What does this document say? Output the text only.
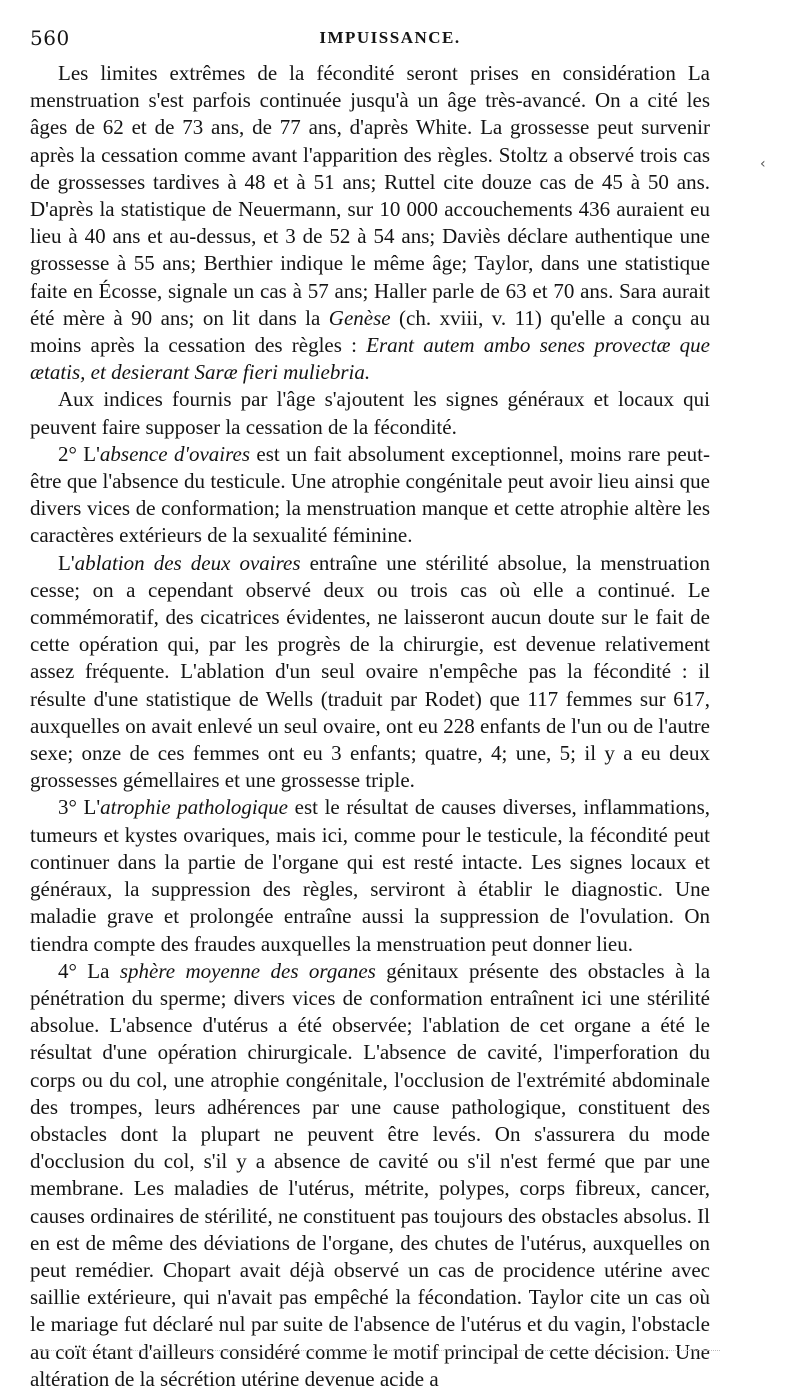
560	IMPUISSANCE.
‹

Les limites extrêmes de la fécondité seront prises en considération La menstruation s'est parfois continuée jusqu'à un âge très-avancé. On a cité les âges de 62 et de 73 ans, de 77 ans, d'après White. La grossesse peut survenir après la cessation comme avant l'apparition des règles. Stoltz a observé trois cas de grossesses tardives à 48 et à 51 ans; Ruttel cite douze cas de 45 à 50 ans. D'après la statistique de Neuermann, sur 10 000 accouchements 436 auraient eu lieu à 40 ans et au-dessus, et 3 de 52 à 54 ans; Daviès déclare authentique une grossesse à 55 ans; Berthier indique le même âge; Taylor, dans une statistique faite en Écosse, signale un cas à 57 ans; Haller parle de 63 et 70 ans. Sara aurait été mère à 90 ans; on lit dans la Genèse (ch. xviii, v. 11) qu'elle a conçu au moins après la cessation des règles : Erant autem ambo senes provectæ que ætatis, et desierant Saræ fieri muliebria.

Aux indices fournis par l'âge s'ajoutent les signes généraux et locaux qui peuvent faire supposer la cessation de la fécondité.

2° L'absence d'ovaires est un fait absolument exceptionnel, moins rare peut-être que l'absence du testicule. Une atrophie congénitale peut avoir lieu ainsi que divers vices de conformation; la menstruation manque et cette atrophie altère les caractères extérieurs de la sexualité féminine.

L'ablation des deux ovaires entraîne une stérilité absolue, la menstruation cesse; on a cependant observé deux ou trois cas où elle a continué. Le commémoratif, des cicatrices évidentes, ne laisseront aucun doute sur le fait de cette opération qui, par les progrès de la chirurgie, est devenue relativement assez fréquente. L'ablation d'un seul ovaire n'empêche pas la fécondité : il résulte d'une statistique de Wells (traduit par Rodet) que 117 femmes sur 617, auxquelles on avait enlevé un seul ovaire, ont eu 228 enfants de l'un ou de l'autre sexe; onze de ces femmes ont eu 3 enfants; quatre, 4; une, 5; il y a eu deux grossesses gémellaires et une grossesse triple.

3° L'atrophie pathologique est le résultat de causes diverses, inflammations, tumeurs et kystes ovariques, mais ici, comme pour le testicule, la fécondité peut continuer dans la partie de l'organe qui est resté intacte. Les signes locaux et généraux, la suppression des règles, serviront à établir le diagnostic. Une maladie grave et prolongée entraîne aussi la suppression de l'ovulation. On tiendra compte des fraudes auxquelles la menstruation peut donner lieu.

4° La sphère moyenne des organes génitaux présente des obstacles à la pénétration du sperme; divers vices de conformation entraînent ici une stérilité absolue. L'absence d'utérus a été observée; l'ablation de cet organe a été le résultat d'une opération chirurgicale. L'absence de cavité, l'imperforation du corps ou du col, une atrophie congénitale, l'occlusion de l'extrémité abdominale des trompes, leurs adhérences par une cause pathologique, constituent des obstacles dont la plupart ne peuvent être levés. On s'assurera du mode d'occlusion du col, s'il y a absence de cavité ou s'il n'est fermé que par une membrane. Les maladies de l'utérus, métrite, polypes, corps fibreux, cancer, causes ordinaires de stérilité, ne constituent pas toujours des obstacles absolus. Il en est de même des déviations de l'organe, des chutes de l'utérus, auxquelles on peut remédier. Chopart avait déjà observé un cas de procidence utérine avec saillie extérieure, qui n'avait pas empêché la fécondation. Taylor cite un cas où le mariage fut déclaré nul par suite de l'absence de l'utérus et du vagin, l'obstacle au coït étant d'ailleurs considéré comme le motif principal de cette décision. Une altération de la sécrétion utérine devenue acide a
